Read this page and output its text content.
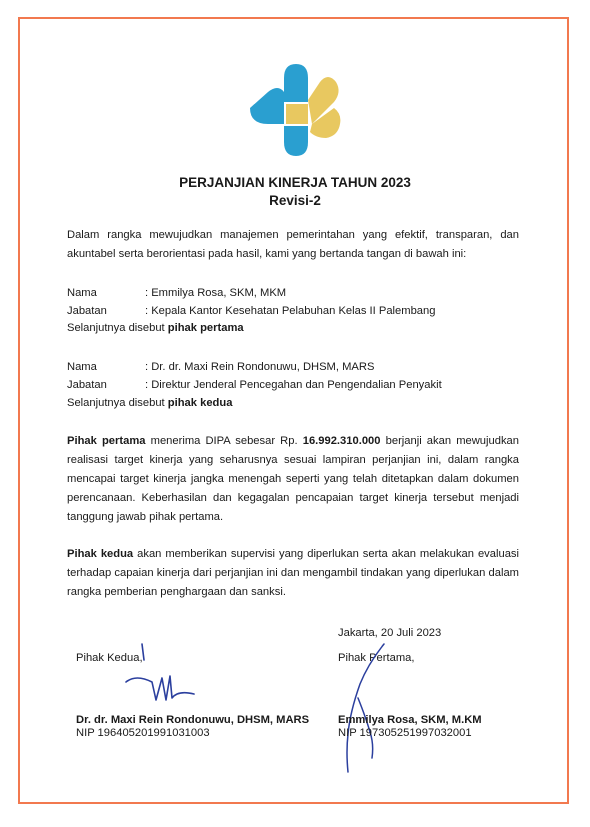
PERJANJIAN KINERJA TAHUN 2023
Revisi-2
Dalam rangka mewujudkan manajemen pemerintahan yang efektif, transparan, dan akuntabel serta berorientasi pada hasil, kami yang bertanda tangan di bawah ini:
Nama	: Emmilya Rosa, SKM, MKM
Jabatan	: Kepala Kantor Kesehatan Pelabuhan Kelas II Palembang
Selanjutnya disebut pihak pertama
Nama	: Dr. dr. Maxi Rein Rondonuwu, DHSM, MARS
Jabatan	: Direktur Jenderal Pencegahan dan Pengendalian Penyakit
Selanjutnya disebut pihak kedua
Pihak pertama menerima DIPA sebesar Rp. 16.992.310.000 berjanji akan mewujudkan realisasi target kinerja yang seharusnya sesuai lampiran perjanjian ini, dalam rangka mencapai target kinerja jangka menengah seperti yang telah ditetapkan dalam dokumen perencanaan. Keberhasilan dan kegagalan pencapaian target kinerja tersebut menjadi tanggung jawab pihak pertama.
Pihak kedua akan memberikan supervisi yang diperlukan serta akan melakukan evaluasi terhadap capaian kinerja dari perjanjian ini dan mengambil tindakan yang diperlukan dalam rangka pemberian penghargaan dan sanksi.
Jakarta, 20 Juli 2023
Pihak Kedua,	Pihak Pertama,
Dr. dr. Maxi Rein Rondonuwu, DHSM, MARS
NIP 196405201991031003
Emmilya Rosa, SKM, M.KM
NIP 197305251997032001
